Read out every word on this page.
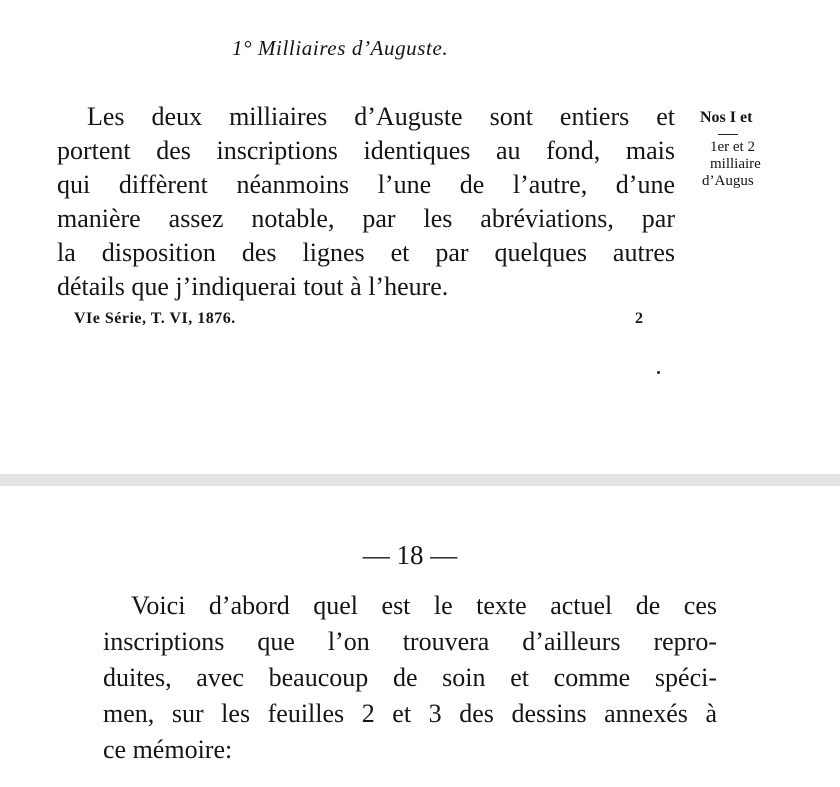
1° Milliaires d’Auguste.
Les deux milliaires d’Auguste sont entiers et
portent des inscriptions identiques au fond, mais
qui diffèrent néanmoins l’une de l’autre, d’une
manière assez notable, par les abréviations, par
la disposition des lignes et par quelques autres
détails que j’indiquerai tout à l’heure.
Nos I et
1er et 2
milliaire
d’Augus
VIe Série, T. VI, 1876.	2
— 18 —
Voici d’abord quel est le texte actuel de ces
inscriptions que l’on trouvera d’ailleurs repro-
duites, avec beaucoup de soin et comme spéci-
men, sur les feuilles 2 et 3 des dessins annexés à
ce mémoire:
